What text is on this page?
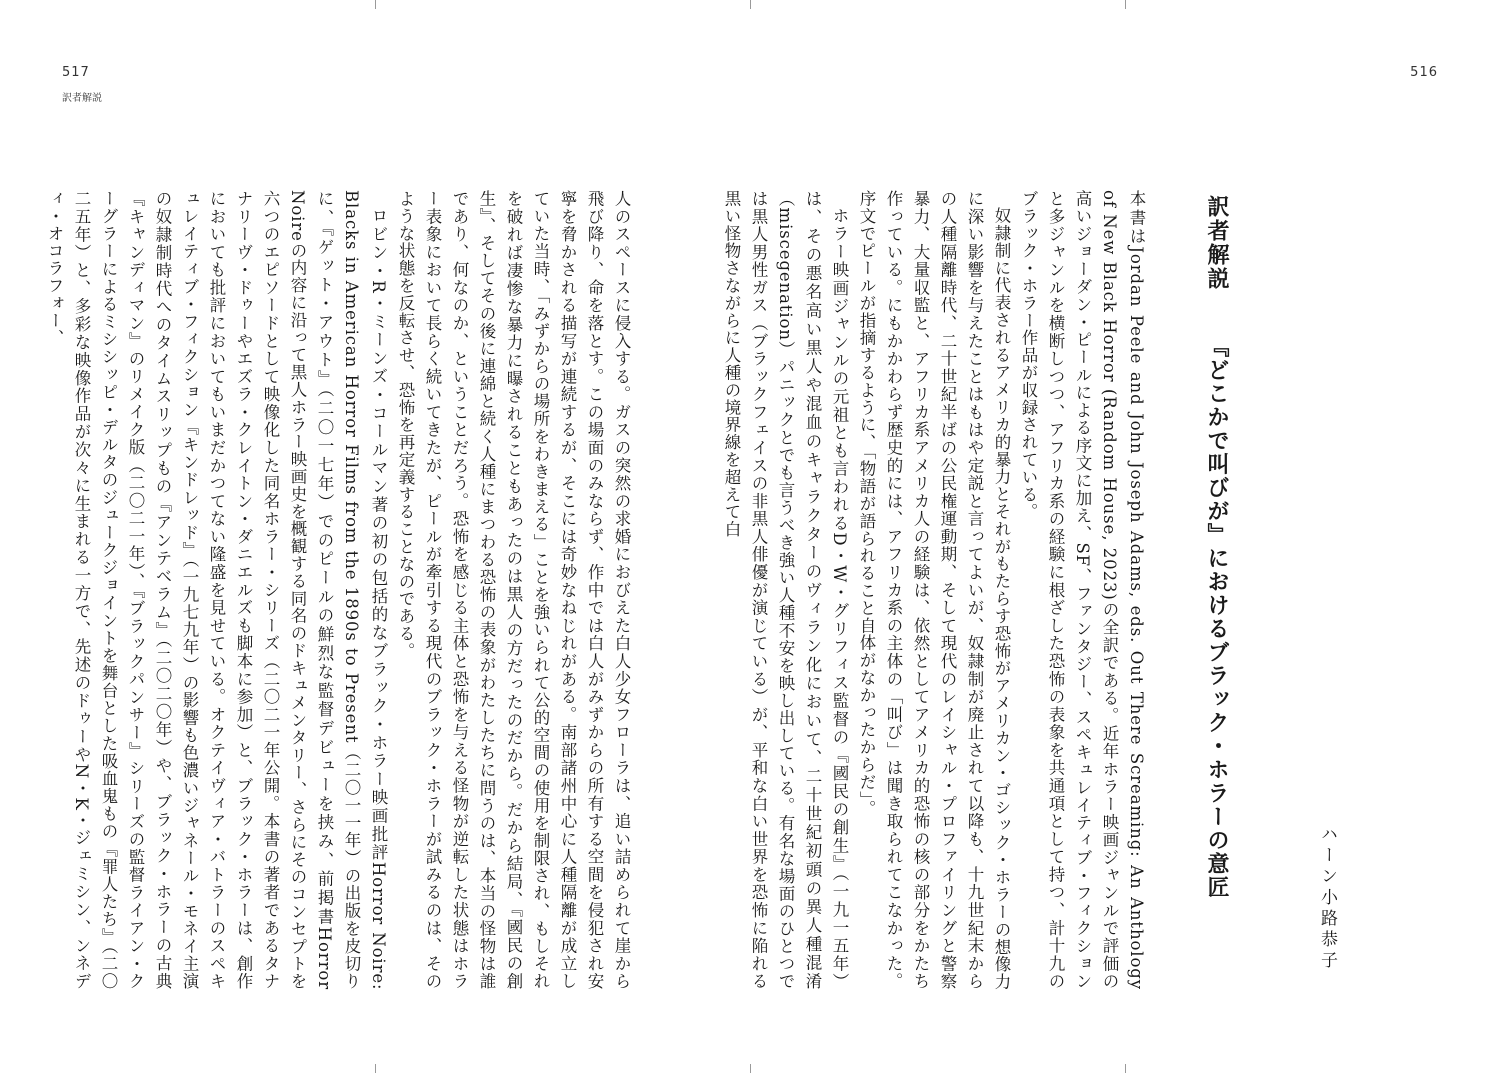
517
訳者解説
516
訳者解説
『どこかで叫びが』におけるブラック・ホラーの意匠	ハーン小路恭子

本書はJordan Peele and John Joseph Adams, eds. Out There Screaming: An Anthology of New Black Horror (Random House, 2023)の全訳である。近年ホラー映画ジャンルで評価の高いジョーダン・ピールによる序文に加え、SF、ファンタジー、スペキュレイティブ・フィクションと多ジャンルを横断しつつ、アフリカ系の経験に根ざした恐怖の表象を共通項として持つ、計十九のブラック・ホラー作品が収録されている。

奴隷制に代表されるアメリカ的暴力とそれがもたらす恐怖がアメリカン・ゴシック・ホラーの想像力に深い影響を与えたことはもはや定説と言ってよいが、奴隷制が廃止されて以降も、十九世紀末からの人種隔離時代、二十世紀半ばの公民権運動期、そして現代のレイシャル・プロファイリングと警察暴力、大量収監と、アフリカ系アメリカ人の経験は、依然としてアメリカ的恐怖の核の部分をかたち作っている。にもかかわらず歴史的には、アフリカ系の主体の「叫び」は聞き取られてこなかった。序文でピールが指摘するように、「物語が語られること自体がなかったからだ」。

ホラー映画ジャンルの元祖とも言われるD・W・グリフィス監督の『國民の創生』（一九一五年）は、その悪名高い黒人や混血のキャラクターのヴィラン化において、二十世紀初頭の異人種混淆（miscegenation）パニックとでも言うべき強い人種不安を映し出している。有名な場面のひとつでは黒人男性ガス（ブラックフェイスの非黒人俳優が演じている）が、平和な白い世界を恐怖に陥れる黒い怪物さながらに人種の境界線を超えて白

人のスペースに侵入する。ガスの突然の求婚におびえた白人少女フローラは、追い詰められて崖から飛び降り、命を落とす。この場面のみならず、作中では白人がみずからの所有する空間を侵犯され安寧を脅かされる描写が連続するが、そこには奇妙なねじれがある。南部諸州中心に人種隔離が成立していた当時、「みずからの場所をわきまえる」ことを強いられて公的空間の使用を制限され、もしそれを破れば凄惨な暴力に曝されることもあったのは黒人の方だったのだから。だから結局、『國民の創生』、そしてその後に連綿と続く人種にまつわる恐怖の表象がわたしたちに問うのは、本当の怪物は誰であり、何なのか、ということだろう。恐怖を感じる主体と恐怖を与える怪物が逆転した状態はホラー表象において長らく続いてきたが、ピールが牽引する現代のブラック・ホラーが試みるのは、そのような状態を反転させ、恐怖を再定義することなのである。

ロビン・R・ミーンズ・コールマン著の初の包括的なブラック・ホラー映画批評Horror Noire: Blacks in American Horror Films from the 1890s to Present（二〇一一年）の出版を皮切りに、『ゲット・アウト』（二〇一七年）でのピールの鮮烈な監督デビューを挟み、前掲書Horror Noireの内容に沿って黒人ホラー映画史を概観する同名のドキュメンタリー、さらにそのコンセプトを六つのエピソードとして映像化した同名ホラー・シリーズ（二〇二一年公開。本書の著者であるタナナリーヴ・ドゥーやエズラ・クレイトン・ダニエルズも脚本に参加）と、ブラック・ホラーは、創作においても批評においてもいまだかつてない隆盛を見せている。オクテイヴィア・バトラーのスペキュレイティブ・フィクション『キンドレッド』（一九七九年）の影響も色濃いジャネール・モネイ主演の奴隷制時代へのタイムスリップもの『アンテベラム』（二〇二〇年）や、ブラック・ホラーの古典『キャンディマン』のリメイク版（二〇二一年）、『ブラックパンサー』シリーズの監督ライアン・クーグラーによるミシシッピ・デルタのジュークジョイントを舞台とした吸血鬼もの『罪人たち』（二〇二五年）と、多彩な映像作品が次々に生まれる一方で、先述のドゥーやN・K・ジェミシン、ンネディ・オコラフォー、
